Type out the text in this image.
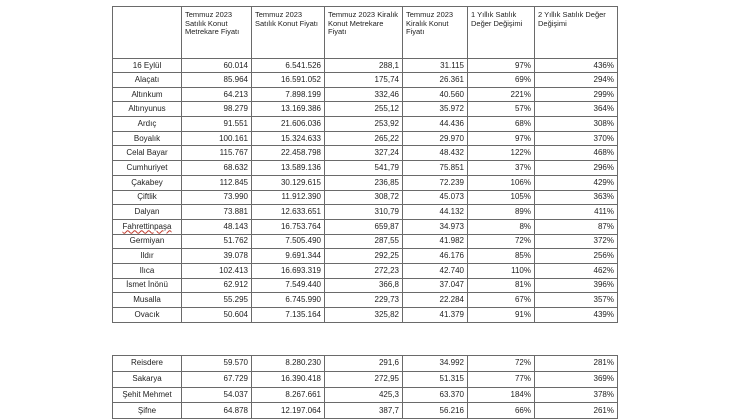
	Temmuz 2023 Satılık Konut Metrekare Fiyatı	Temmuz 2023 Satılık Konut Fiyatı	Temmuz 2023 Kiralık Konut Metrekare Fiyatı	Temmuz 2023 Kiralık Konut Fiyatı	1 Yıllık Satılık Değer Değişimi	2 Yıllık Satılık Değer Değişimi
16 Eylül	60.014	6.541.526	288,1	31.115	97%	436%
Alaçatı	85.964	16.591.052	175,74	26.361	69%	294%
Altınkum	64.213	7.898.199	332,46	40.560	221%	299%
Altınyunus	98.279	13.169.386	255,12	35.972	57%	364%
Ardıç	91.551	21.606.036	253,92	44.436	68%	308%
Boyalık	100.161	15.324.633	265,22	29.970	97%	370%
Celal Bayar	115.767	22.458.798	327,24	48.432	122%	468%
Cumhuriyet	68.632	13.589.136	541,79	75.851	37%	296%
Çakabey	112.845	30.129.615	236,85	72.239	106%	429%
Çiftlik	73.990	11.912.390	308,72	45.073	105%	363%
Dalyan	73.881	12.633.651	310,79	44.132	89%	411%
Fahrettinpaşa	48.143	16.753.764	659,87	34.973	8%	87%
Germiyan	51.762	7.505.490	287,55	41.982	72%	372%
Ildır	39.078	9.691.344	292,25	46.176	85%	256%
Ilıca	102.413	16.693.319	272,23	42.740	110%	462%
İsmet İnönü	62.912	7.549.440	366,8	37.047	81%	396%
Musalla	55.295	6.745.990	229,73	22.284	67%	357%
Ovacık	50.604	7.135.164	325,82	41.379	91%	439%
Reisdere	59.570	8.280.230	291,6	34.992	72%	281%
Sakarya	67.729	16.390.418	272,95	51.315	77%	369%
Şehit Mehmet	54.037	8.267.661	425,3	63.370	184%	378%
Şifne	64.878	12.197.064	387,7	56.216	66%	261%
